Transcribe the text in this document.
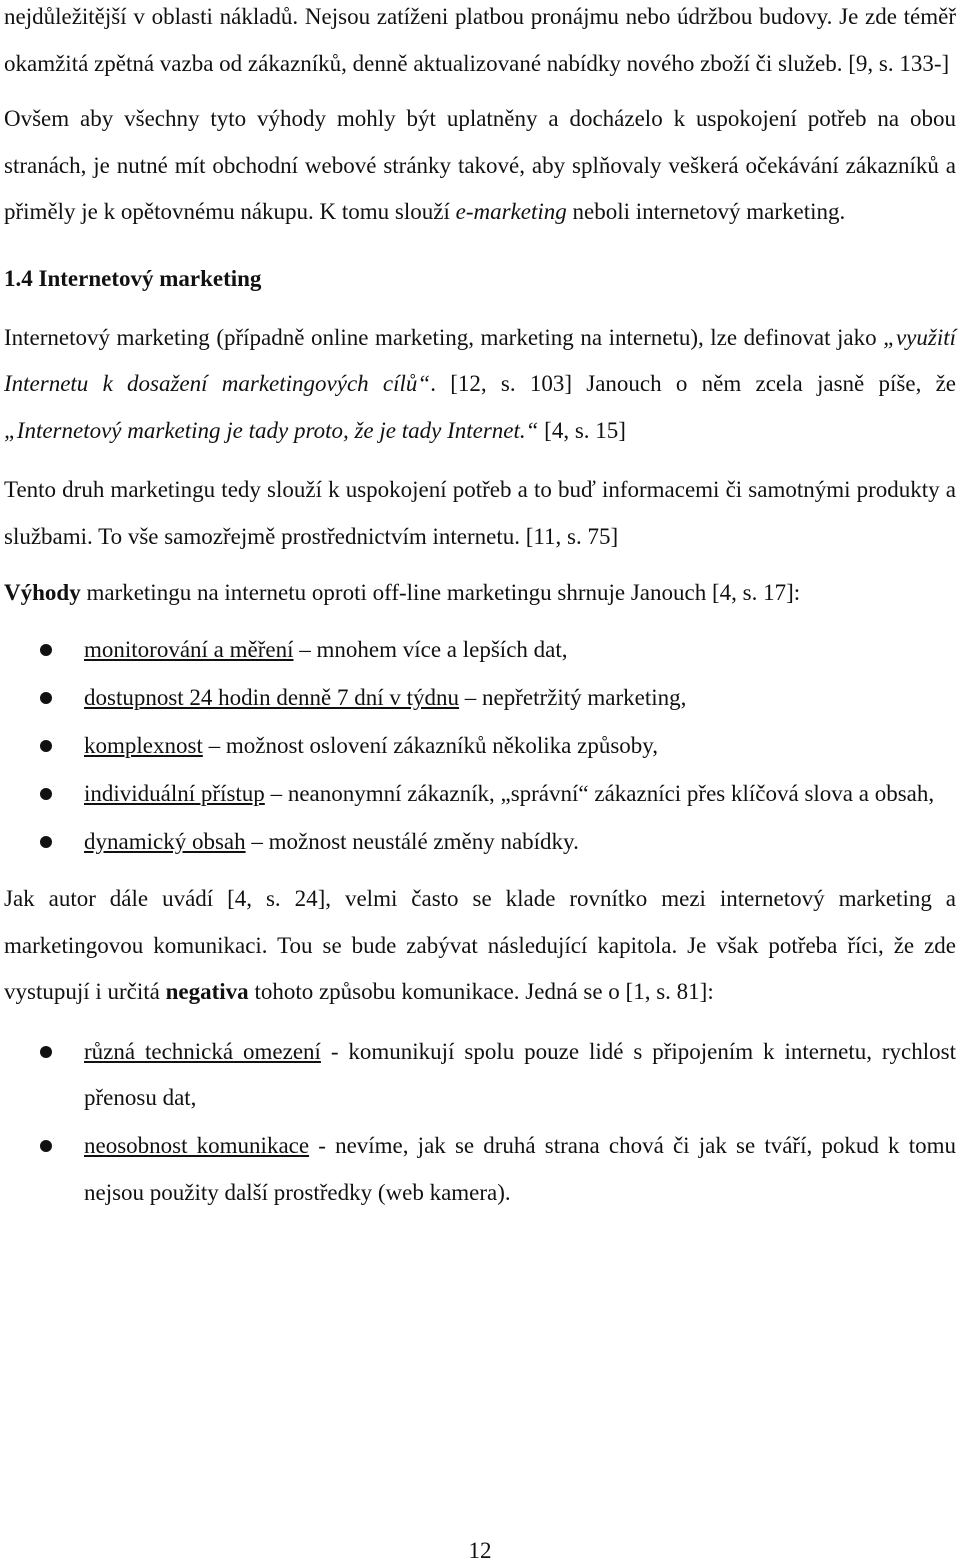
nejdůležitější v oblasti nákladů. Nejsou zatíženi platbou pronájmu nebo údržbou budovy. Je zde téměř okamžitá zpětná vazba od zákazníků, denně aktualizované nabídky nového zboží či služeb. [9, s. 133-]

Ovšem aby všechny tyto výhody mohly být uplatněny a docházelo k uspokojení potřeb na obou stranách, je nutné mít obchodní webové stránky takové, aby splňovaly veškerá očekávání zákazníků a přiměly je k opětovnému nákupu. K tomu slouží e-marketing neboli internetový marketing.

1.4 Internetový marketing

Internetový marketing (případně online marketing, marketing na internetu), lze definovat jako „využití Internetu k dosažení marketingových cílů“. [12, s. 103] Janouch o něm zcela jasně píše, že „Internetový marketing je tady proto, že je tady Internet.“ [4, s. 15]

Tento druh marketingu tedy slouží k uspokojení potřeb a to buď informacemi či samotnými produkty a službami. To vše samozřejmě prostřednictvím internetu. [11, s. 75]

Výhody marketingu na internetu oproti off-line marketingu shrnuje Janouch [4, s. 17]:

monitorování a měření – mnohem více a lepších dat,
dostupnost 24 hodin denně 7 dní v týdnu – nepřetržitý marketing,
komplexnost – možnost oslovení zákazníků několika způsoby,
individuální přístup – neanonymní zákazník, „správní“ zákazníci přes klíčová slova a obsah,
dynamický obsah – možnost neustálé změny nabídky.

Jak autor dále uvádí [4, s. 24], velmi často se klade rovnítko mezi internetový marketing a marketingovou komunikaci. Tou se bude zabývat následující kapitola. Je však potřeba říci, že zde vystupují i určitá negativa tohoto způsobu komunikace. Jedná se o [1, s. 81]:

různá technická omezení - komunikují spolu pouze lidé s připojením k internetu, rychlost přenosu dat,
neosobnost komunikace - nevíme, jak se druhá strana chová či jak se tváří, pokud k tomu nejsou použity další prostředky (web kamera).
12
